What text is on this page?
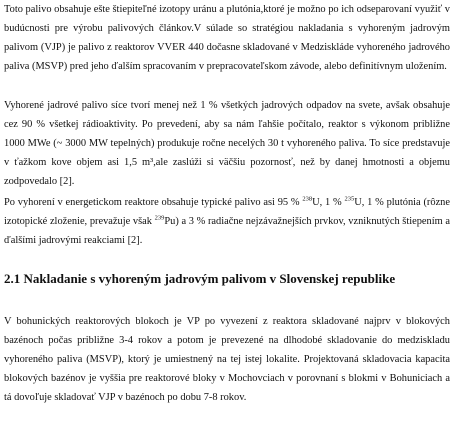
Toto palivo obsahuje ešte štiepiteľné izotopy uránu a plutónia,ktoré je možno po ich odseparovaní využiť v budúcnosti pre výrobu palivových článkov.V súlade so stratégiou nakladania s vyhoreným jadrovým palivom (VJP) je palivo z reaktorov VVER 440 dočasne skladované v Medziskláde vyhoreného jadrového paliva (MSVP) pred jeho ďalším spracovaním v prepracovateľskom závode, alebo definitívnym uložením.

Vyhorené jadrové palivo síce tvorí menej než 1 % všetkých jadrových odpadov na svete, avšak obsahuje cez 90 % všetkej rádioaktivity. Po prevedení, aby sa nám ľahšie počítalo, reaktor s výkonom približne 1000 MWe (~ 3000 MW tepelných) produkuje ročne necelých 30 t vyhoreného paliva. To síce predstavuje v ťažkom kove objem asi 1,5 m³,ale zaslúži si väčšiu pozornosť, než by danej hmotnosti a objemu zodpovedalo [2].

Po vyhorení v energetickom reaktore obsahuje typické palivo asi 95 % $^{238}$U, 1 % $^{235}$U, 1 % plutónia (rôzne izotopické zloženie, prevažuje však $^{239}$Pu) a 3 % radiačne nejzávažnejších prvkov, vzniknutých štiepením a ďalšími jadrovými reakciami [2].

2.1 Nakladanie s vyhoreným jadrovým palivom v Slovenskej republike

V bohunických reaktorových blokoch je VP po vyvezení z reaktora skladované najprv v blokových bazénoch počas približne 3-4 rokov a potom je prevezené na dlhodobé skladovanie do medziskladu vyhoreného paliva (MSVP), ktorý je umiestnený na tej istej lokalite. Projektovaná skladovacia kapacita blokových bazénov je vyššia pre reaktorové bloky v Mochovciach v porovnaní s blokmi v Bohuniciach a tá dovoľuje skladovať VJP v bazénoch po dobu 7-8 rokov.
